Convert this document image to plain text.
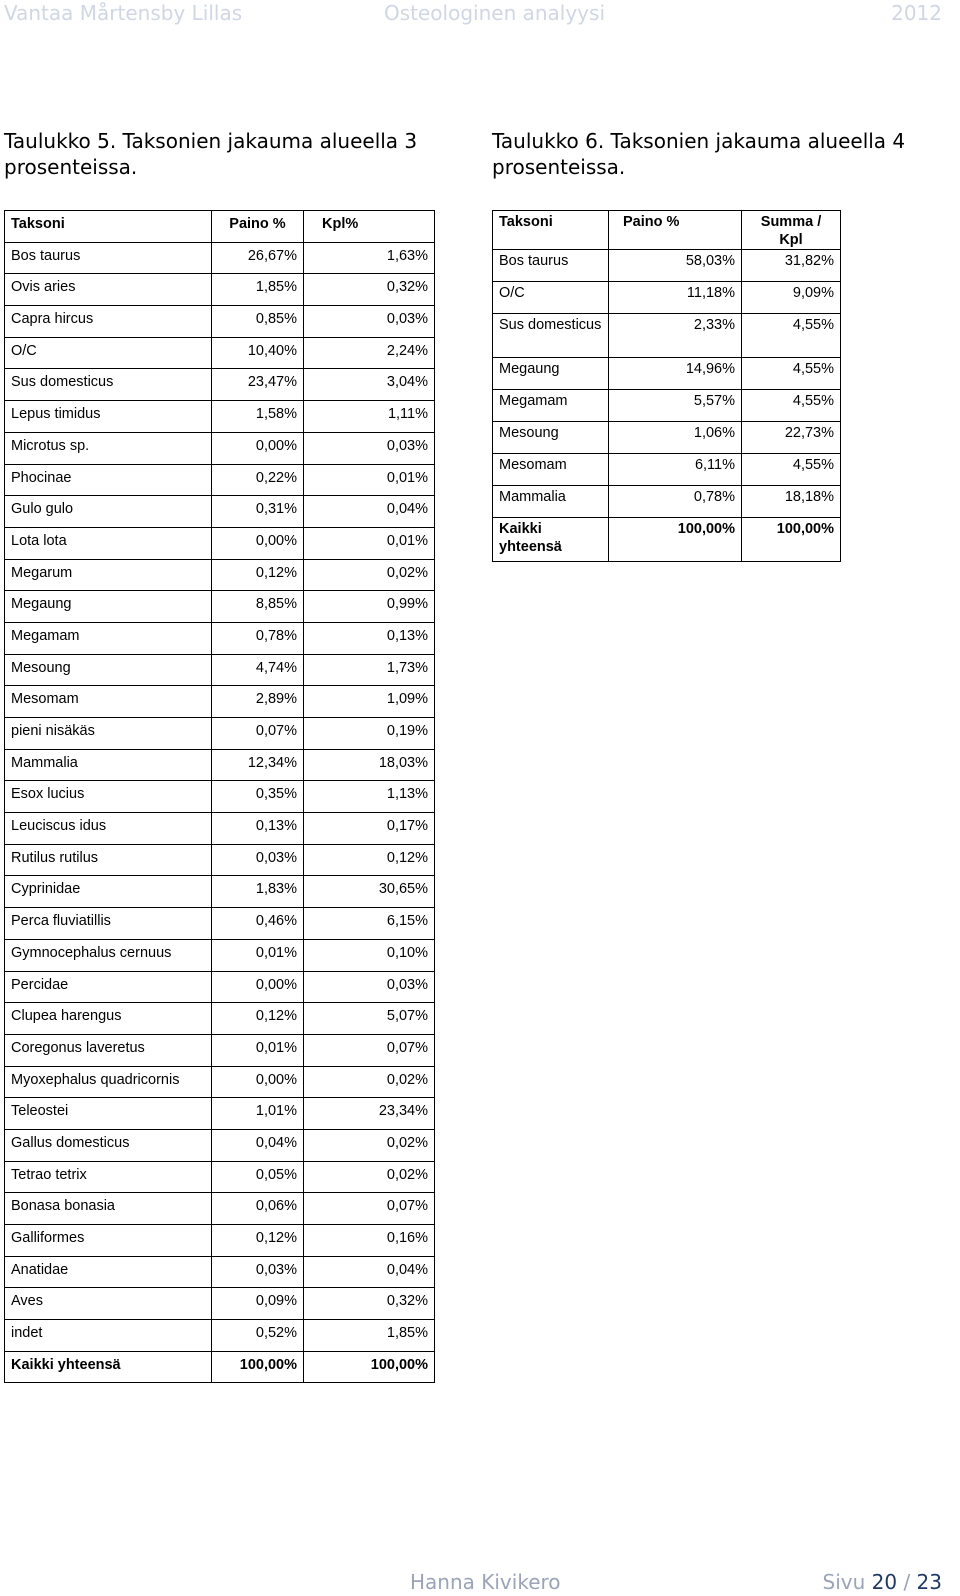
Vantaa Mårtensby Lillas	Osteologinen analyysi	2012
Taulukko 5. Taksonien jakauma alueella 3 prosenteissa.
Taulukko 6. Taksonien jakauma alueella 4 prosenteissa.
Taksoni	Paino %	Kpl%
Bos taurus	26,67%	1,63%
Ovis aries	1,85%	0,32%
Capra hircus	0,85%	0,03%
O/C	10,40%	2,24%
Sus domesticus	23,47%	3,04%
Lepus timidus	1,58%	1,11%
Microtus sp.	0,00%	0,03%
Phocinae	0,22%	0,01%
Gulo gulo	0,31%	0,04%
Lota lota	0,00%	0,01%
Megarum	0,12%	0,02%
Megaung	8,85%	0,99%
Megamam	0,78%	0,13%
Mesoung	4,74%	1,73%
Mesomam	2,89%	1,09%
pieni nisäkäs	0,07%	0,19%
Mammalia	12,34%	18,03%
Esox lucius	0,35%	1,13%
Leuciscus idus	0,13%	0,17%
Rutilus rutilus	0,03%	0,12%
Cyprinidae	1,83%	30,65%
Perca fluviatillis	0,46%	6,15%
Gymnocephalus cernuus	0,01%	0,10%
Percidae	0,00%	0,03%
Clupea harengus	0,12%	5,07%
Coregonus laveretus	0,01%	0,07%
Myoxephalus quadricornis	0,00%	0,02%
Teleostei	1,01%	23,34%
Gallus domesticus	0,04%	0,02%
Tetrao tetrix	0,05%	0,02%
Bonasa bonasia	0,06%	0,07%
Galliformes	0,12%	0,16%
Anatidae	0,03%	0,04%
Aves	0,09%	0,32%
indet	0,52%	1,85%
Kaikki yhteensä	100,00%	100,00%
Taksoni	Paino %	Summa / Kpl
Bos taurus	58,03%	31,82%
O/C	11,18%	9,09%
Sus domesticus	2,33%	4,55%
Megaung	14,96%	4,55%
Megamam	5,57%	4,55%
Mesoung	1,06%	22,73%
Mesomam	6,11%	4,55%
Mammalia	0,78%	18,18%
Kaikki yhteensä	100,00%	100,00%
Hanna Kivikero	Sivu 20 / 23
